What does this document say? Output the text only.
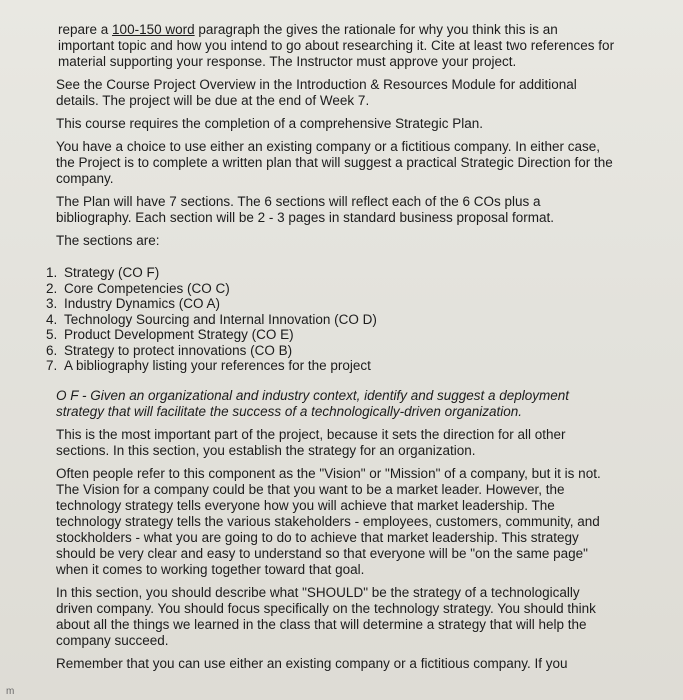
repare a 100-150 word paragraph the gives the rationale for why you think this is an important topic and how you intend to go about researching it. Cite at least two references for material supporting your response. The Instructor must approve your project.

See the Course Project Overview in the Introduction & Resources Module for additional details. The project will be due at the end of Week 7.

This course requires the completion of a comprehensive Strategic Plan.

You have a choice to use either an existing company or a fictitious company. In either case, the Project is to complete a written plan that will suggest a practical Strategic Direction for the company.

The Plan will have 7 sections. The 6 sections will reflect each of the 6 COs plus a bibliography. Each section will be 2 - 3 pages in standard business proposal format.

The sections are:

1. Strategy (CO F)
2. Core Competencies (CO C)
3. Industry Dynamics (CO A)
4. Technology Sourcing and Internal Innovation (CO D)
5. Product Development Strategy (CO E)
6. Strategy to protect innovations (CO B)
7. A bibliography listing your references for the project

O F - Given an organizational and industry context, identify and suggest a deployment strategy that will facilitate the success of a technologically-driven organization.

This is the most important part of the project, because it sets the direction for all other sections. In this section, you establish the strategy for an organization.

Often people refer to this component as the "Vision" or "Mission" of a company, but it is not. The Vision for a company could be that you want to be a market leader. However, the technology strategy tells everyone how you will achieve that market leadership. The technology strategy tells the various stakeholders - employees, customers, community, and stockholders - what you are going to do to achieve that market leadership. This strategy should be very clear and easy to understand so that everyone will be "on the same page" when it comes to working together toward that goal.

In this section, you should describe what "SHOULD" be the strategy of a technologically driven company. You should focus specifically on the technology strategy. You should think about all the things we learned in the class that will determine a strategy that will help the company succeed.

Remember that you can use either an existing company or a fictitious company. If you

m
